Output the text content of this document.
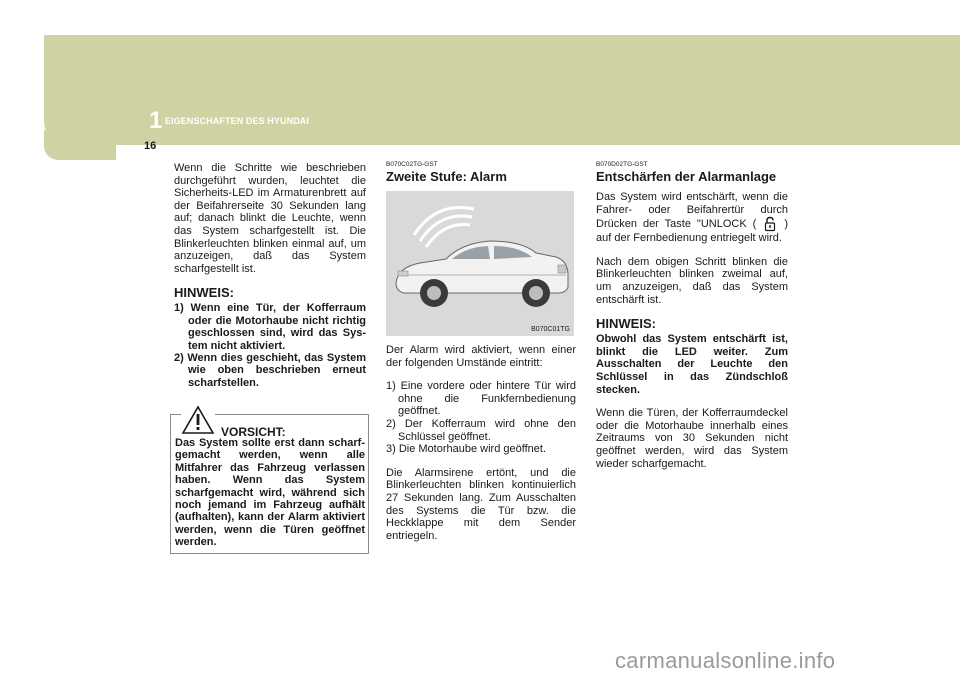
1 EIGENSCHAFTEN DES HYUNDAI
16

Wenn die Schritte wie beschrieben durchgeführt wurden, leuchtet die Sicherheits-LED im Armaturenbrett auf der Beifahrerseite 30 Sekunden lang auf; danach blinkt die Leuchte, wenn das System scharfgestellt ist. Die Blinkerleuchten blinken einmal auf, um anzuzeigen, daß das System scharfgestellt ist.

HINWEIS:

1) Wenn eine Tür, der Kofferraum oder die Motorhaube nicht richtig geschlossen sind, wird das Sys- tem nicht aktiviert.
2) Wenn dies geschieht, das System wie oben beschrieben erneut scharfstellen.
VORSICHT:

Das System sollte erst dann scharf- gemacht werden, wenn alle Mitfahrer das Fahrzeug verlassen haben. Wenn das System scharfgemacht wird, während sich noch jemand im Fahrzeug aufhält (aufhalten), kann der Alarm aktiviert werden, wenn die Türen geöffnet werden.

B070C02TG-GST

Zweite Stufe: Alarm

B070C01TG

Der Alarm wird aktiviert, wenn einer der folgenden Umstände eintritt:

1) Eine vordere oder hintere Tür wird ohne die Funkfernbedienung geöffnet.
2) Der Kofferraum wird ohne den Schlüssel geöffnet.
3) Die Motorhaube wird geöffnet.

Die Alarmsirene ertönt, und die Blinkerleuchten blinken kontinuierlich 27 Sekunden lang. Zum Ausschalten des Systems die Tür bzw. die Heckklappe mit dem Sender entriegeln.

B070D02TG-GST

Entschärfen der Alarmanlage

Das System wird entschärft, wenn die Fahrer- oder Beifahrertür durch Drücken der Taste "UNLOCK (	) auf der Fernbedienung entriegelt wird.

Nach dem obigen Schritt blinken die Blinkerleuchten blinken zweimal auf, um anzuzeigen, daß das System entschärft ist.

HINWEIS:

Obwohl das System entschärft ist, blinkt die LED weiter. Zum Ausschalten der Leuchte den Schlüssel in das Zündschloß stecken.

Wenn die Türen, der Kofferraumdeckel oder die Motorhaube innerhalb eines Zeitraums von 30 Sekunden nicht geöffnet werden, wird das System wieder scharfgemacht.

carmanualsonline.info
